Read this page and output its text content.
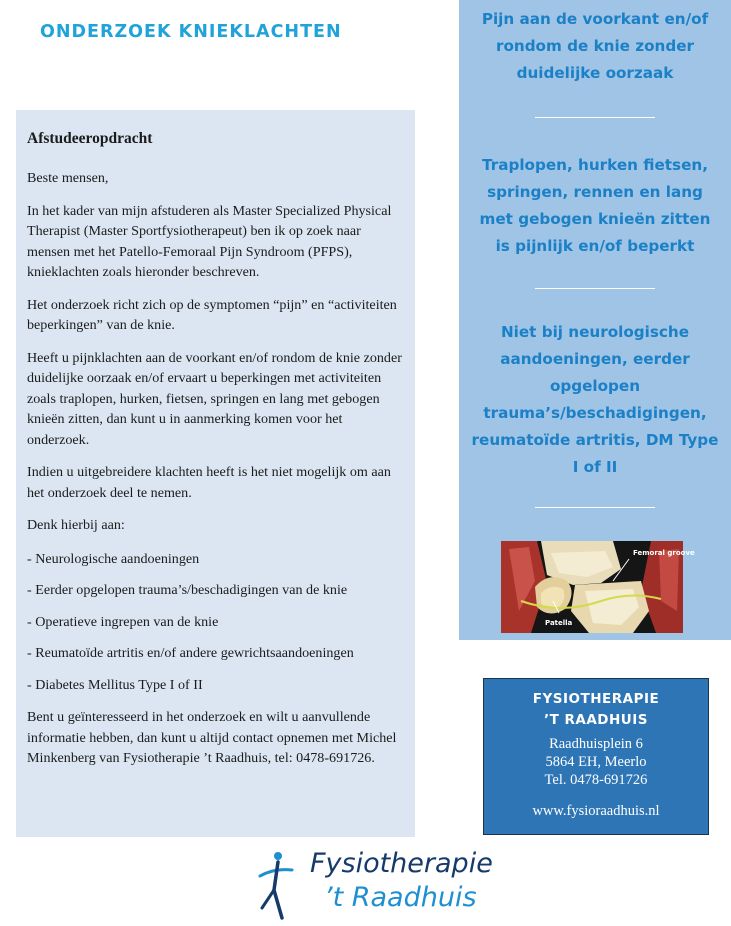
ONDERZOEK KNIEKLACHTEN
Afstudeeropdracht

Beste mensen,

In het kader van mijn afstuderen als Master Specialized Physical Therapist (Master Sportfysiotherapeut) ben ik op zoek naar mensen met het Patello-Femoraal Pijn Syndroom (PFPS), knieklachten zoals hieronder beschreven.

Het onderzoek richt zich op de symptomen “pijn” en “activiteiten beperkingen” van de knie.

Heeft u pijnklachten aan de voorkant en/of rondom de knie zonder duidelijke oorzaak en/of ervaart u beperkingen met activiteiten zoals traplopen, hurken, fietsen, springen en lang met gebogen knieën zitten, dan kunt u in aanmerking komen voor het onderzoek.

Indien u uitgebreidere klachten heeft is het niet mogelijk om aan het onderzoek deel te nemen.

Denk hierbij aan:

- Neurologische aandoeningen
- Eerder opgelopen trauma’s/beschadigingen van de knie
- Operatieve ingrepen van de knie
- Reumatoïde artritis en/of andere gewrichtsaandoeningen
- Diabetes Mellitus Type I of II

Bent u geïnteresseerd in het onderzoek en wilt u aanvullende informatie hebben, dan kunt u altijd contact opnemen met Michel Minkenberg van Fysiotherapie ’t Raadhuis, tel: 0478-691726.

Pijn aan de voorkant en/of rondom de knie zonder duidelijke oorzaak
Traplopen, hurken fietsen, springen, rennen en lang met gebogen knieën zitten is pijnlijk en/of beperkt
Niet bij neurologische aandoeningen, eerder opgelopen trauma’s/beschadigingen, reumatoïde artritis, DM Type I of II
Femoral groove
Patella
FYSIOTHERAPIE
’T RAADHUIS
Raadhuisplein 6
5864 EH, Meerlo
Tel. 0478-691726
www.fysioraadhuis.nl
Fysiotherapie
’t Raadhuis
